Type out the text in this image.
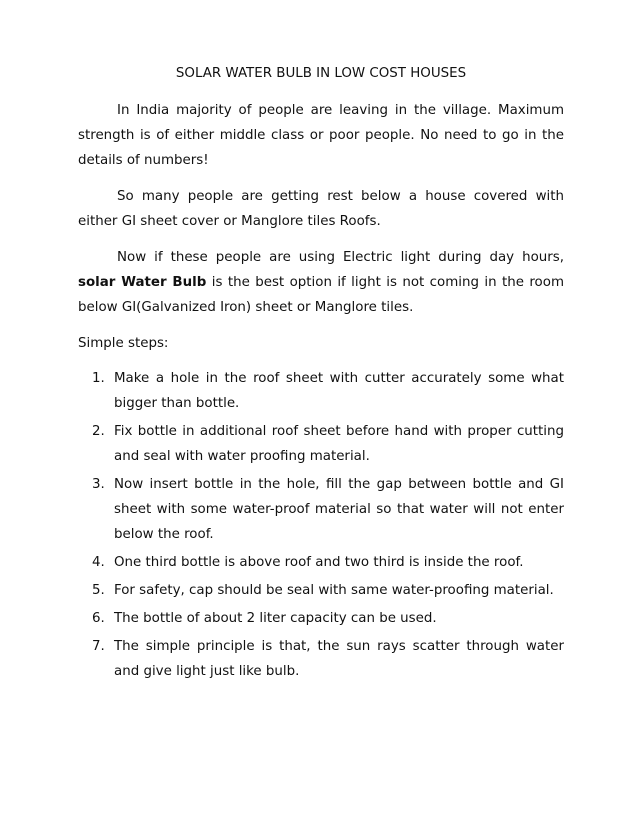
SOLAR WATER BULB IN LOW COST HOUSES

In India majority of people are leaving in the village. Maximum strength is of either middle class or poor people. No need to go in the details of numbers!

So many people are getting rest below a house covered with either GI sheet cover or Manglore tiles Roofs.

Now if these people are using Electric light during day hours, solar Water Bulb is the best option if light is not coming in the room below GI(Galvanized Iron) sheet or Manglore tiles.

Simple steps:
1. Make a hole in the roof sheet with cutter accurately some what bigger than bottle.
2. Fix bottle in additional roof sheet before hand with proper cutting and seal with water proofing material.
3. Now insert bottle in the hole, fill the gap between bottle and GI sheet with some water-proof material so that water will not enter below the roof.
4. One third bottle is above roof and two third is inside the roof.
5. For safety, cap should be seal with same water-proofing material.
6. The bottle of about 2 liter capacity can be used.
7. The simple principle is that, the sun rays scatter through water and give light just like bulb.
